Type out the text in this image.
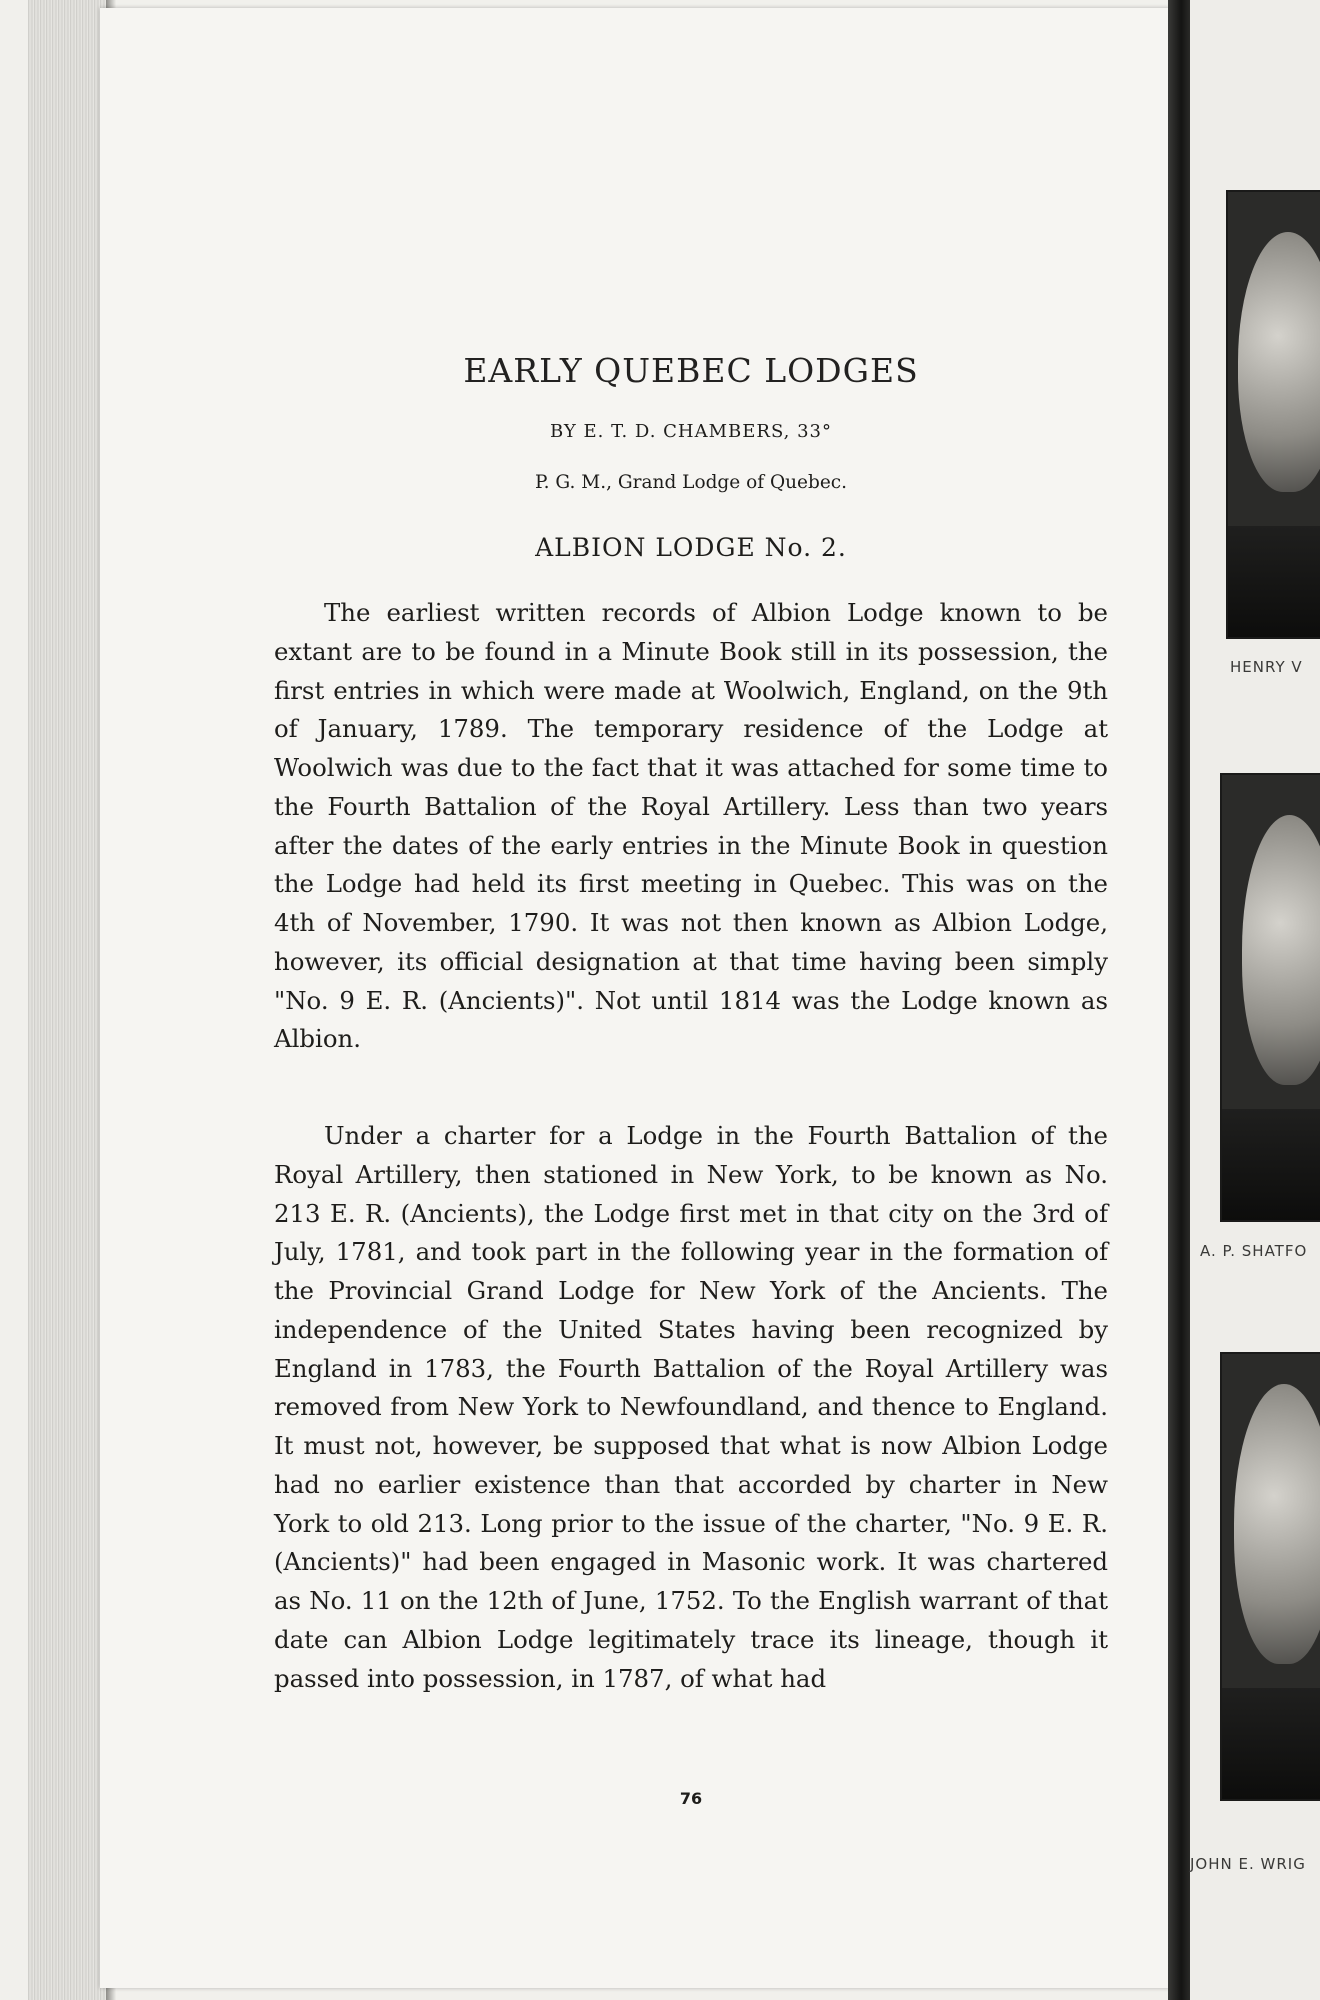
EARLY QUEBEC LODGES
BY E. T. D. CHAMBERS, 33°
P. G. M., Grand Lodge of Quebec.
ALBION LODGE No. 2.

The earliest written records of Albion Lodge known to be extant are to be found in a Minute Book still in its possession, the first entries in which were made at Woolwich, England, on the 9th of January, 1789. The temporary residence of the Lodge at Woolwich was due to the fact that it was attached for some time to the Fourth Battalion of the Royal Artillery. Less than two years after the dates of the early entries in the Minute Book in question the Lodge had held its first meeting in Quebec. This was on the 4th of November, 1790. It was not then known as Albion Lodge, however, its official designation at that time having been simply "No. 9 E. R. (Ancients)". Not until 1814 was the Lodge known as Albion.

Under a charter for a Lodge in the Fourth Battalion of the Royal Artillery, then stationed in New York, to be known as No. 213 E. R. (Ancients), the Lodge first met in that city on the 3rd of July, 1781, and took part in the following year in the formation of the Provincial Grand Lodge for New York of the Ancients. The independence of the United States having been recognized by England in 1783, the Fourth Battalion of the Royal Artillery was removed from New York to Newfoundland, and thence to England. It must not, however, be supposed that what is now Albion Lodge had no earlier existence than that accorded by charter in New York to old 213. Long prior to the issue of the charter, "No. 9 E. R. (Ancients)" had been engaged in Masonic work. It was chartered as No. 11 on the 12th of June, 1752. To the English warrant of that date can Albion Lodge legitimately trace its lineage, though it passed into possession, in 1787, of what had

76
HENRY V
A. P. SHATFO
JOHN E. WRIG
